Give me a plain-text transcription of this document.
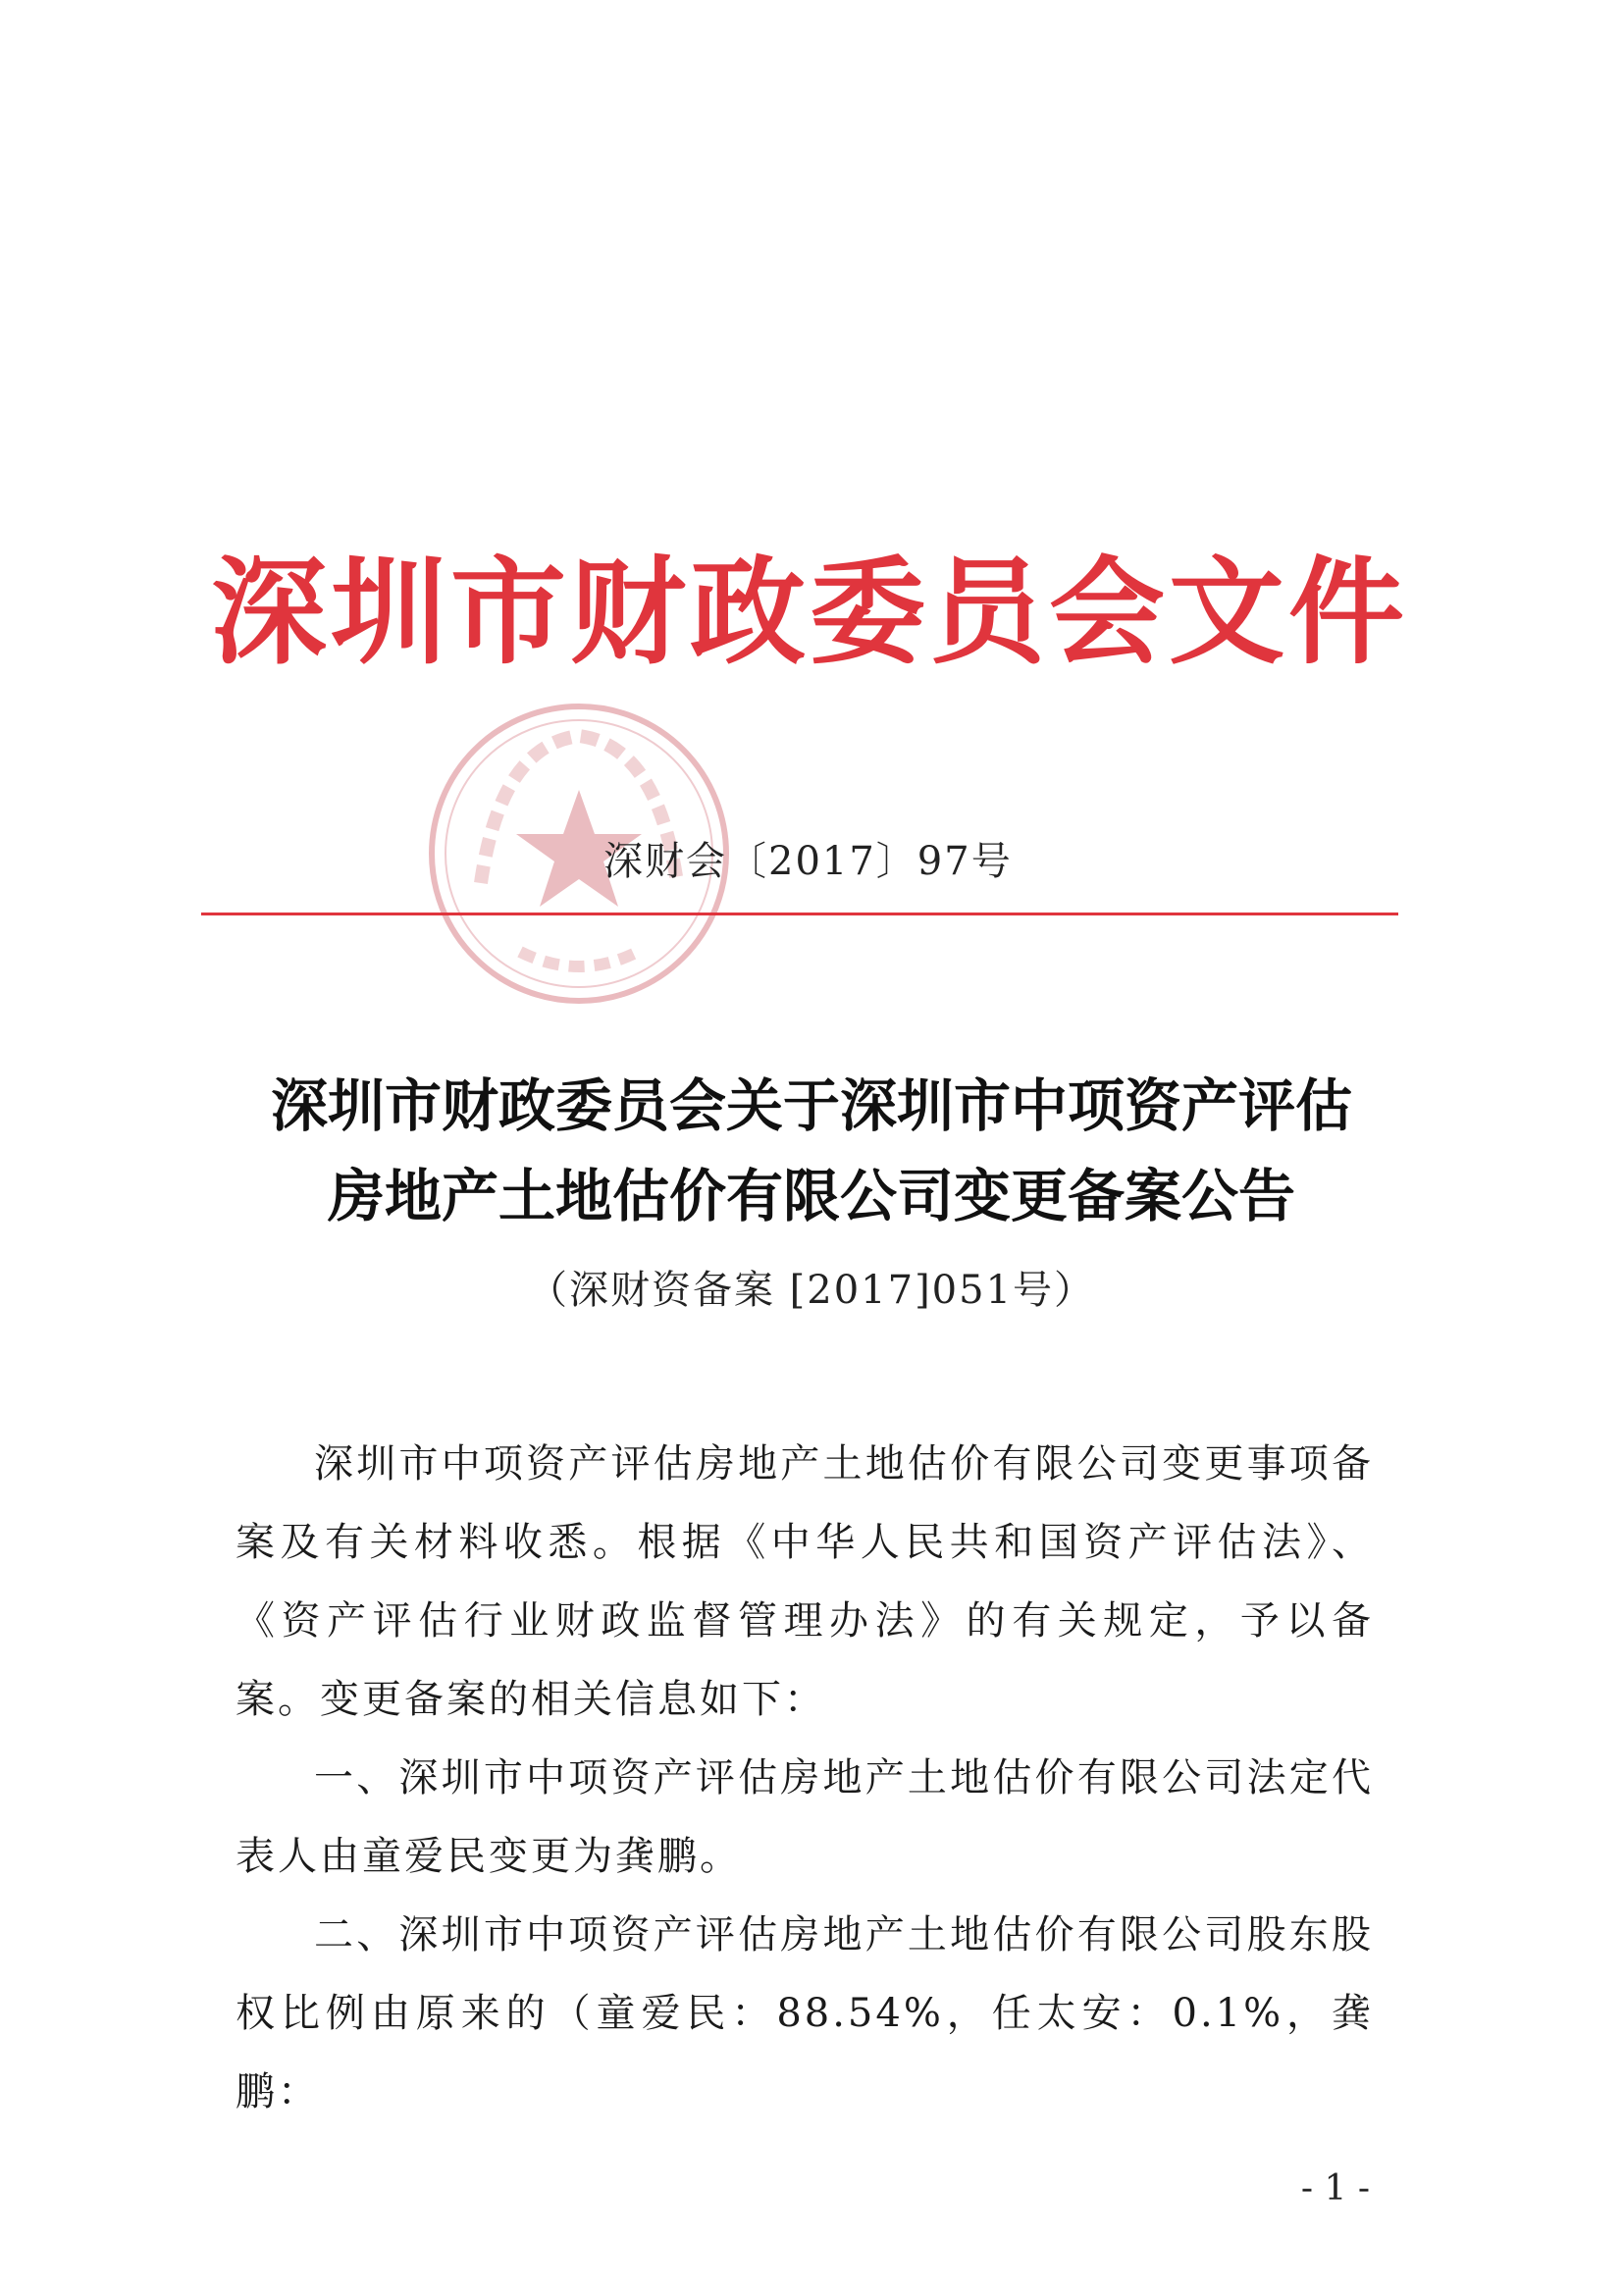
深圳市财政委员会文件
深财会〔2017〕97号
深圳市财政委员会关于深圳市中项资产评估
房地产土地估价有限公司变更备案公告
（深财资备案 [2017]051号）

深圳市中项资产评估房地产土地估价有限公司变更事项备案及有关材料收悉。根据《中华人民共和国资产评估法》、《资产评估行业财政监督管理办法》的有关规定，予以备案。变更备案的相关信息如下：

一、深圳市中项资产评估房地产土地估价有限公司法定代表人由童爱民变更为龚鹏。

二、深圳市中项资产评估房地产土地估价有限公司股东股权比例由原来的（童爱民：88.54%，任太安：0.1%，龚鹏：

- 1 -
